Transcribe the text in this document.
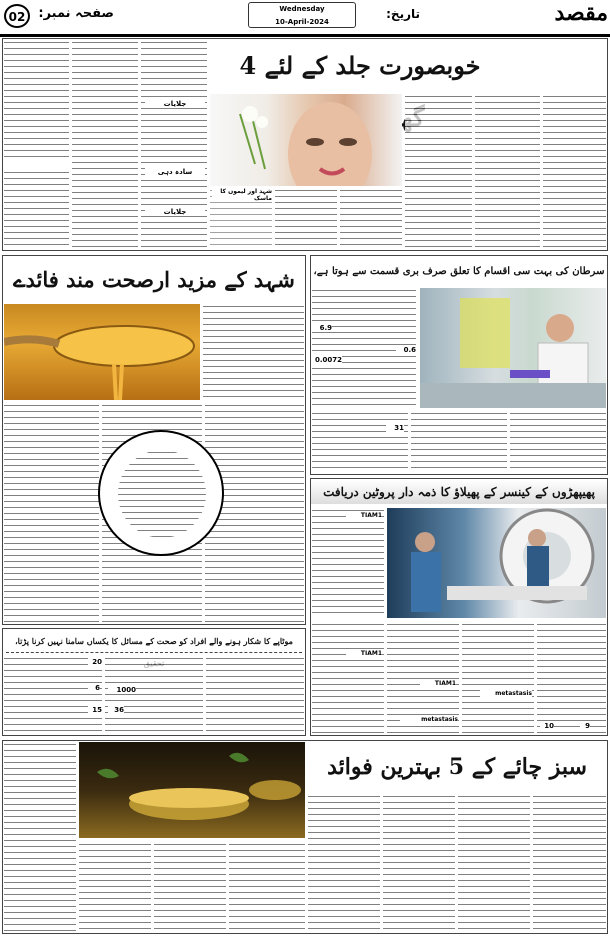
02	صفحہ نمبر:	Wednesday
10-April-2024
تاریخ:	مقصد
جلایات
سادہ دہی
جلایات
خوبصورت جلد کے لئے 4
شہد اور لیموں کا ماسک
شہد کے مزید ارصحت مند فائدے	سرطان کی بہت سی اقسام کا تعلق صرف بری قسمت سے ہوتا ہے،
6.9
0.6
0.0072
31
پھیپھڑوں کے کینسر کے پھیلاؤ کا ذمہ دار پروٹین دریافت
TIAM1
TIAM1
TIAM1
metastasis
metastasis
10	9
موٹاپے کا شکار ہونے والے افراد کو صحت کے مسائل کا یکساں سامنا نہیں کرنا پڑتا،
20
6
15
1000
36
سبز چائے کے 5 بہترین فوائد
